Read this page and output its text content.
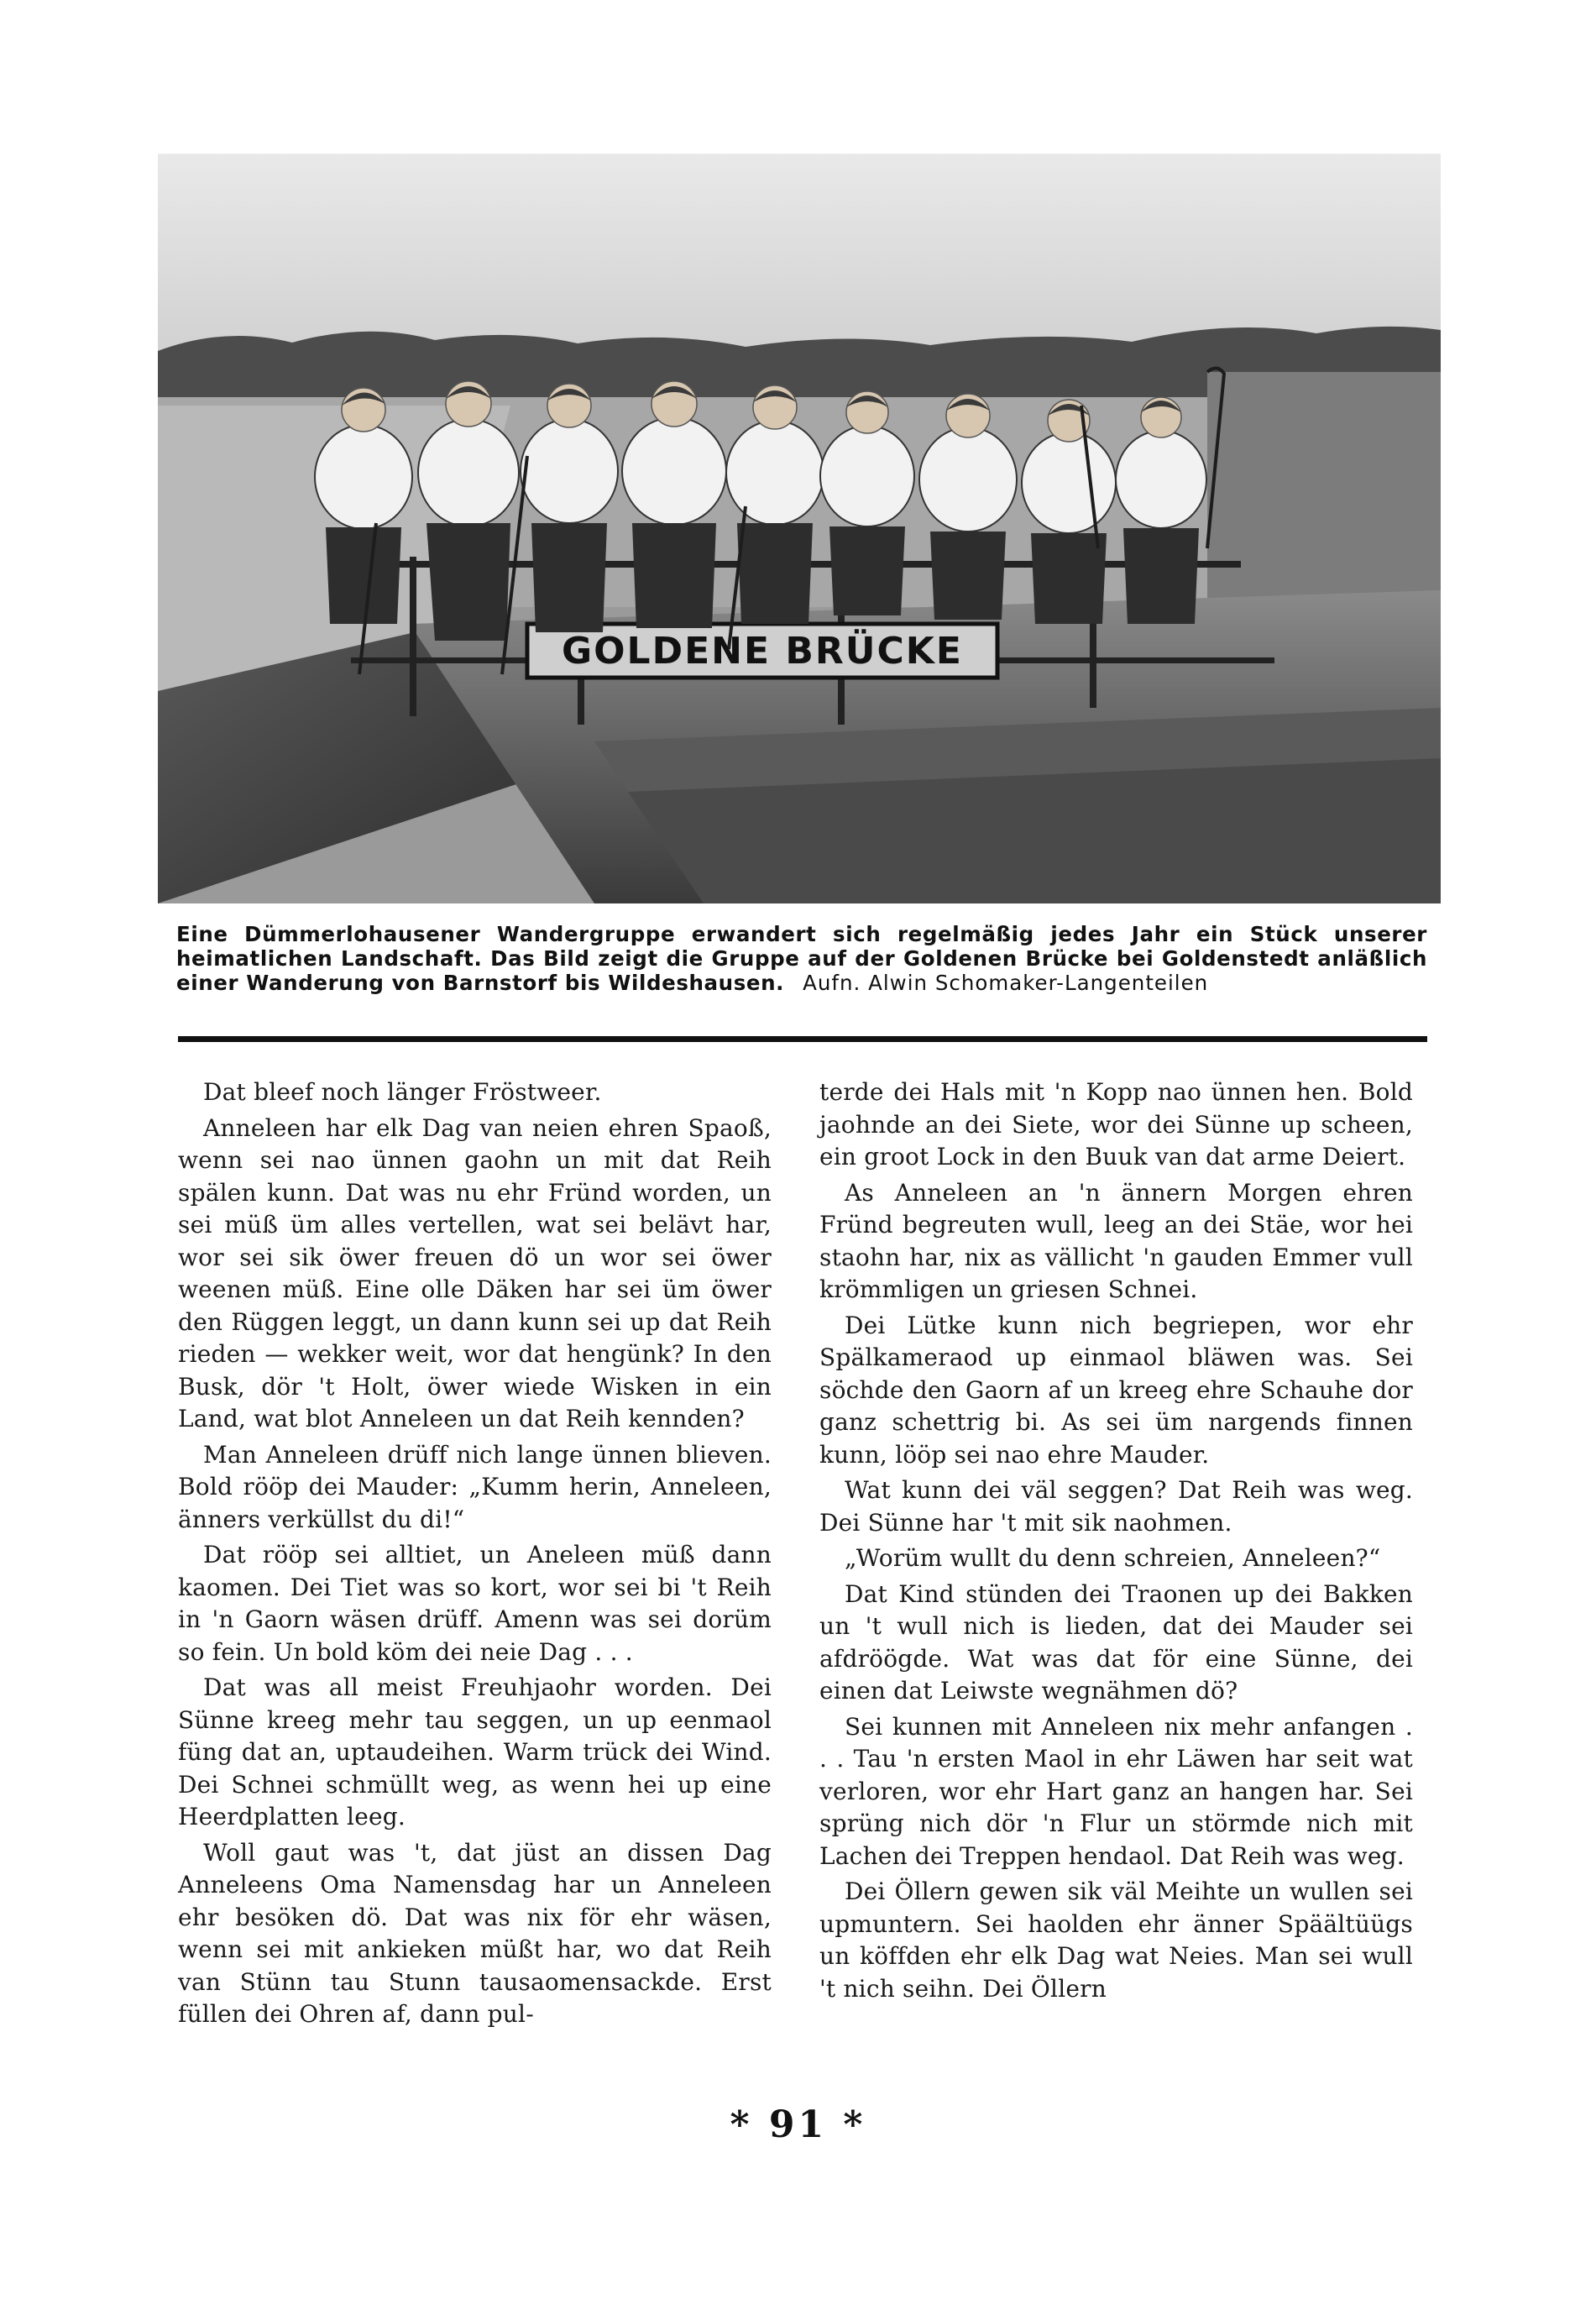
GOLDENE BRÜCKE
Eine Dümmerlohausener Wandergruppe erwandert sich regelmäßig jedes Jahr ein Stück unserer heimatlichen Landschaft. Das Bild zeigt die Gruppe auf der Goldenen Brücke bei Goldenstedt anläßlich einer Wanderung von Barnstorf bis Wildeshausen. Aufn. Alwin Schomaker-Langenteilen

Dat bleef noch länger Fröstweer.

Anneleen har elk Dag van neien ehren Spaoß, wenn sei nao ünnen gaohn un mit dat Reih spälen kunn. Dat was nu ehr Fründ worden, un sei müß üm alles vertellen, wat sei belävt har, wor sei sik öwer freuen dö un wor sei öwer weenen müß. Eine olle Däken har sei üm öwer den Rüggen leggt, un dann kunn sei up dat Reih rieden — wekker weit, wor dat hengünk? In den Busk, dör 't Holt, öwer wiede Wisken in ein Land, wat blot Anneleen un dat Reih kennden?

Man Anneleen drüff nich lange ünnen blieven. Bold rööp dei Mauder: „Kumm herin, Anneleen, änners verküllst du di!“

Dat rööp sei alltiet, un Aneleen müß dann kaomen. Dei Tiet was so kort, wor sei bi 't Reih in 'n Gaorn wäsen drüff. Amenn was sei dorüm so fein. Un bold köm dei neie Dag . . .

Dat was all meist Freuhjaohr worden. Dei Sünne kreeg mehr tau seggen, un up eenmaol füng dat an, uptaudeihen. Warm trück dei Wind. Dei Schnei schmüllt weg, as wenn hei up eine Heerdplatten leeg.

Woll gaut was 't, dat jüst an dissen Dag Anneleens Oma Namensdag har un Anneleen ehr besöken dö. Dat was nix för ehr wäsen, wenn sei mit ankieken müßt har, wo dat Reih van Stünn tau Stunn tausaomensackde. Erst füllen dei Ohren af, dann pul-

terde dei Hals mit 'n Kopp nao ünnen hen. Bold jaohnde an dei Siete, wor dei Sünne up scheen, ein groot Lock in den Buuk van dat arme Deiert.

As Anneleen an 'n ännern Morgen ehren Fründ begreuten wull, leeg an dei Stäe, wor hei staohn har, nix as vällicht 'n gauden Emmer vull krömmligen un griesen Schnei.

Dei Lütke kunn nich begriepen, wor ehr Spälkameraod up einmaol bläwen was. Sei söchde den Gaorn af un kreeg ehre Schauhe dor ganz schettrig bi. As sei üm nargends finnen kunn, lööp sei nao ehre Mauder.

Wat kunn dei väl seggen? Dat Reih was weg. Dei Sünne har 't mit sik naohmen.

„Worüm wullt du denn schreien, Anneleen?“

Dat Kind stünden dei Traonen up dei Bakken un 't wull nich is lieden, dat dei Mauder sei afdröögde. Wat was dat för eine Sünne, dei einen dat Leiwste wegnähmen dö?

Sei kunnen mit Anneleen nix mehr anfangen . . . Tau 'n ersten Maol in ehr Läwen har seit wat verloren, wor ehr Hart ganz an hangen har. Sei sprüng nich dör 'n Flur un störmde nich mit Lachen dei Treppen hendaol. Dat Reih was weg.

Dei Öllern gewen sik väl Meihte un wullen sei upmuntern. Sei haolden ehr änner Späältüügs un köffden ehr elk Dag wat Neies. Man sei wull 't nich seihn. Dei Öllern

* 91 *
